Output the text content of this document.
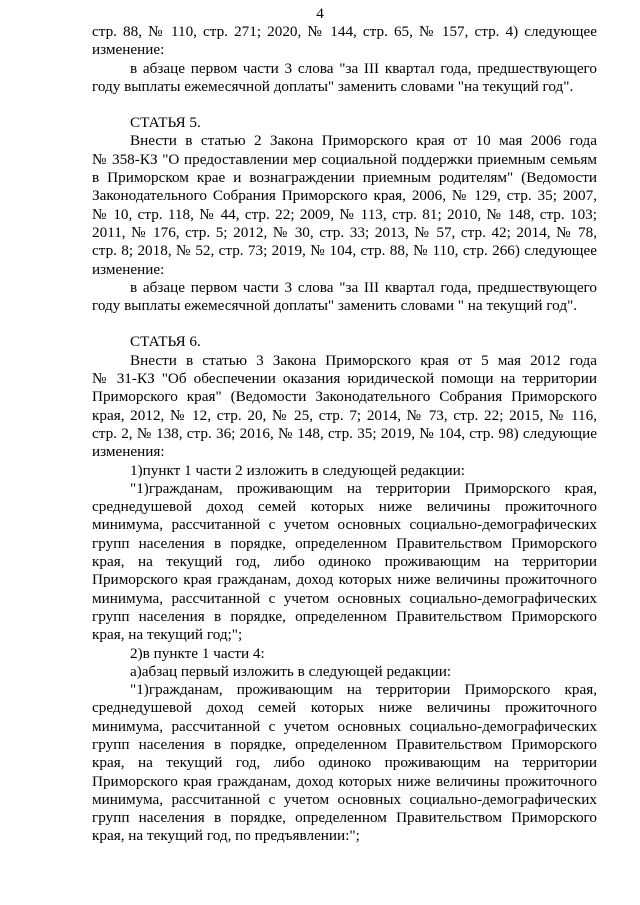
4
стр. 88, № 110, стр. 271; 2020, № 144, стр. 65, № 157, стр. 4) следующее
изменение:
в абзаце первом части 3 слова "за III квартал года, предшествующего
году выплаты ежемесячной доплаты" заменить словами "на текущий год".
СТАТЬЯ 5.
Внести в статью 2 Закона Приморского края от 10 мая 2006 года
№ 358-КЗ "О предоставлении мер социальной поддержки приемным семьям
в Приморском крае и вознаграждении приемным родителям" (Ведомости
Законодательного Собрания Приморского края, 2006, № 129, стр. 35; 2007,
№ 10, стр. 118, № 44, стр. 22; 2009, № 113, стр. 81; 2010, № 148, стр. 103;
2011, № 176, стр. 5; 2012, № 30, стр. 33; 2013, № 57, стр. 42; 2014, № 78,
стр. 8; 2018, № 52, стр. 73; 2019, № 104, стр. 88, № 110, стр. 266) следующее
изменение:
в абзаце первом части 3 слова "за III квартал года, предшествующего
году выплаты ежемесячной доплаты" заменить словами " на текущий год".
СТАТЬЯ 6.
Внести в статью 3 Закона Приморского края от 5 мая 2012 года
№ 31-КЗ "Об обеспечении оказания юридической помощи на территории
Приморского края" (Ведомости Законодательного Собрания Приморского
края, 2012, № 12, стр. 20, № 25, стр. 7; 2014, № 73, стр. 22; 2015, № 116,
стр. 2, № 138, стр. 36; 2016, № 148, стр. 35; 2019, № 104, стр. 98) следующие
изменения:
1)пункт 1 части 2 изложить в следующей редакции:
"1)гражданам, проживающим на территории Приморского края,
среднедушевой доход семей которых ниже величины прожиточного
минимума, рассчитанной с учетом основных социально-демографических
групп населения в порядке, определенном Правительством Приморского
края, на текущий год, либо одиноко проживающим на территории
Приморского края гражданам, доход которых ниже величины прожиточного
минимума, рассчитанной с учетом основных социально-демографических
групп населения в порядке, определенном Правительством Приморского
края, на текущий год;";
2)в пункте 1 части 4:
а)абзац первый изложить в следующей редакции:
"1)гражданам, проживающим на территории Приморского края,
среднедушевой доход семей которых ниже величины прожиточного
минимума, рассчитанной с учетом основных социально-демографических
групп населения в порядке, определенном Правительством Приморского
края, на текущий год, либо одиноко проживающим на территории
Приморского края гражданам, доход которых ниже величины прожиточного
минимума, рассчитанной с учетом основных социально-демографических
групп населения в порядке, определенном Правительством Приморского
края, на текущий год, по предъявлении:";
